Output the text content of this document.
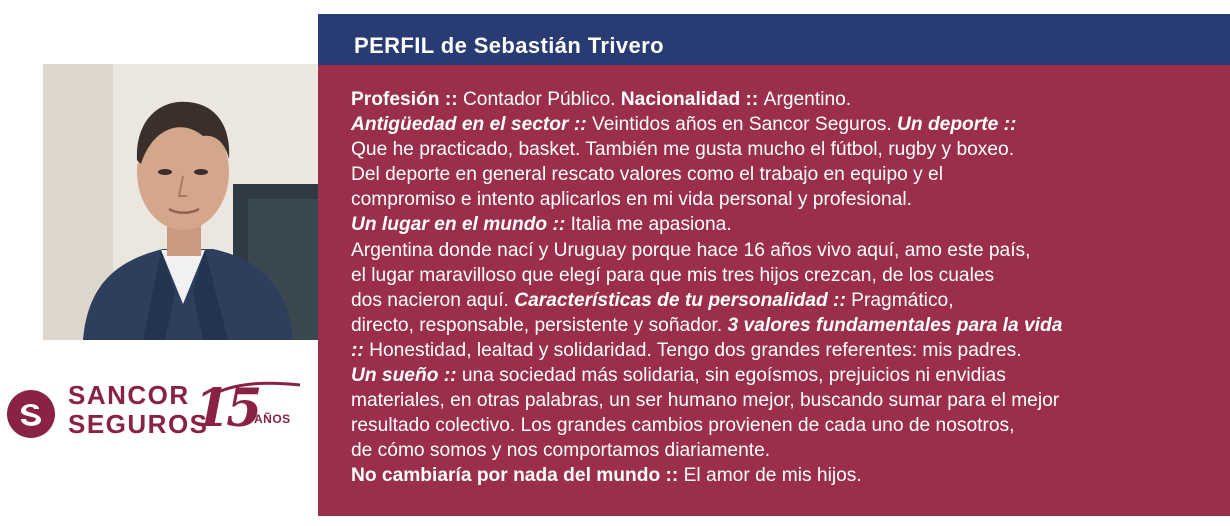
SANCOR
SEGUROS
15
AÑOS
PERFIL de Sebastián Trivero
Profesión :: Contador Público. Nacionalidad :: Argentino.
Antigüedad en el sector :: Veintidos años en Sancor Seguros. Un deporte ::
Que he practicado, basket. También me gusta mucho el fútbol, rugby y boxeo.
Del deporte en general rescato valores como el trabajo en equipo y el
compromiso e intento aplicarlos en mi vida personal y profesional.
Un lugar en el mundo :: Italia me apasiona.
Argentina donde nací y Uruguay porque hace 16 años vivo aquí, amo este país,
el lugar maravilloso que elegí para que mis tres hijos crezcan, de los cuales
dos nacieron aquí. Características de tu personalidad :: Pragmático,
directo, responsable, persistente y soñador. 3 valores fundamentales para la vida
:: Honestidad, lealtad y solidaridad. Tengo dos grandes referentes: mis padres.
Un sueño :: una sociedad más solidaria, sin egoísmos, prejuicios ni envidias
materiales, en otras palabras, un ser humano mejor, buscando sumar para el mejor
resultado colectivo. Los grandes cambios provienen de cada uno de nosotros,
de cómo somos y nos comportamos diariamente.
No cambiaría por nada del mundo :: El amor de mis hijos.
